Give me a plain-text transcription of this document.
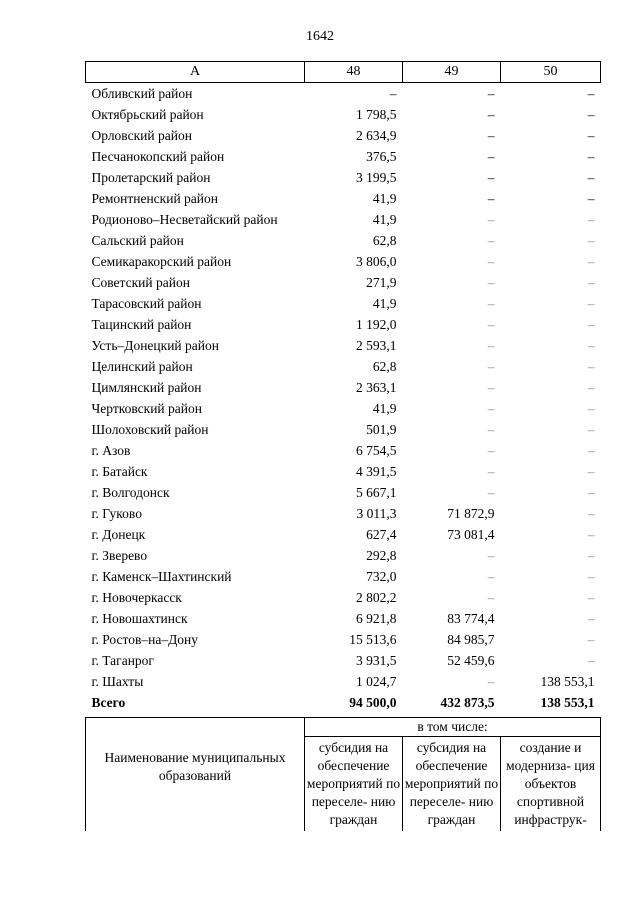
1642
А	48	49	50
Обливский район	–	–	–
Октябрьский район	1 798,5	–	–
Орловский район	2 634,9	–	–
Песчанокопский район	376,5	–	–
Пролетарский район	3 199,5	–	–
Ремонтненский район	41,9	–	–
Родионово–Несветайский район	41,9	–	–
Сальский район	62,8	–	–
Семикаракорский район	3 806,0	–	–
Советский район	271,9	–	–
Тарасовский район	41,9	–	–
Тацинский район	1 192,0	–	–
Усть–Донецкий район	2 593,1	–	–
Целинский район	62,8	–	–
Цимлянский район	2 363,1	–	–
Чертковский район	41,9	–	–
Шолоховский район	501,9	–	–
г. Азов	6 754,5	–	–
г. Батайск	4 391,5	–	–
г. Волгодонск	5 667,1	–	–
г. Гуково	3 011,3	71 872,9	–
г. Донецк	627,4	73 081,4	–
г. Зверево	292,8	–	–
г. Каменск–Шахтинский	732,0	–	–
г. Новочеркасск	2 802,2	–	–
г. Новошахтинск	6 921,8	83 774,4	–
г. Ростов–на–Дону	15 513,6	84 985,7	–
г. Таганрог	3 931,5	52 459,6	–
г. Шахты	1 024,7	–	138 553,1
Всего	94 500,0	432 873,5	138 553,1
Наименование муниципальных образований	в том числе:		
	субсидия на обеспечение мероприятий по переселе- нию граждан	субсидия на обеспечение мероприятий по переселе- нию граждан	создание и модерниза- ция объектов спортивной инфраструк-
